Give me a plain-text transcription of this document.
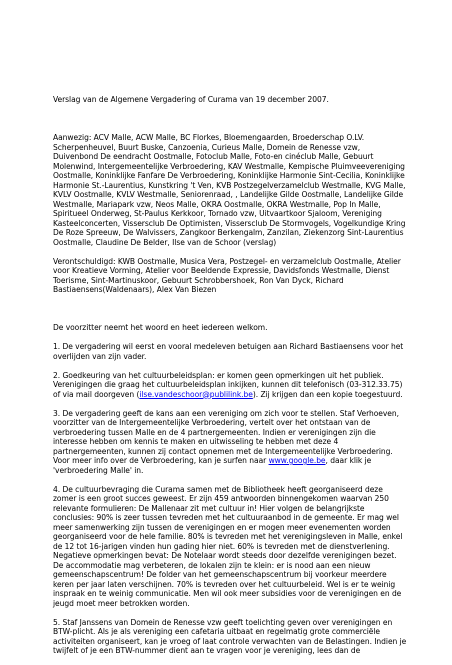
Verslag van de Algemene Vergadering of Curama van 19 december 2007.
Aanwezig: ACV Malle, ACW Malle, BC Florkes, Bloemengaarden, Broederschap O.LV. Scherpenheuvel, Buurt Buske, Canzoenia, Curieus Malle, Domein de Renesse vzw, Duivenbond De eendracht Oostmalle, Fotoclub Malle, Foto-en cinéclub Malle, Gebuurt Molenwind, Intergemeentelijke Verbroedering, KAV Westmalle, Kempische Pluimveevereniging Oostmalle, Koninklijke Fanfare De Verbroedering, Koninklijke Harmonie Sint-Cecilia, Koninklijke Harmonie St.-Laurentius, Kunstkring 't Ven, KVB Postzegelverzamelclub Westmalle, KVG Malle, KVLV Oostmalle, KVLV Westmalle, Seniorenraad, , Landelijke Gilde Oostmalle, Landelijke Gilde Westmalle, Mariapark vzw, Neos Malle, OKRA Oostmalle, OKRA Westmalle, Pop In Malle, Spiritueel Onderweg, St-Paulus Kerkkoor, Tornado vzw, Uitvaartkoor Sjaloom, Vereniging Kasteelconcerten, Vissersclub De Optimisten, Vissersclub De Stormvogels, Vogelkundige Kring De Roze Spreeuw, De Walvissers, Zangkoor Berkengalm, Zanzilan, Ziekenzorg Sint-Laurentius Oostmalle, Claudine De Belder, Ilse van de Schoor (verslag)
Verontschuldigd: KWB Oostmalle, Musica Vera, Postzegel- en verzamelclub Oostmalle, Atelier voor Kreatieve Vorming, Atelier voor Beeldende Expressie, Davidsfonds Westmalle, Dienst Toerisme, Sint-Martinuskoor, Gebuurt Schrobbershoek, Ron Van Dyck, Richard Bastiaensens(Waldenaars), Alex Van Biezen
De voorzitter neemt het woord en heet iedereen welkom.
1. De vergadering wil eerst en vooral medeleven betuigen aan Richard Bastiaensens voor het overlijden van zijn vader.
2. Goedkeuring van het cultuurbeleidsplan: er komen geen opmerkingen uit het publiek. Verenigingen die graag het cultuurbeleidsplan inkijken, kunnen dit telefonisch (03-312.33.75) of via mail doorgeven (ilse.vandeschoor@publilink.be). Zij krijgen dan een kopie toegestuurd.
3. De vergadering geeft de kans aan een vereniging om zich voor te stellen. Staf Verhoeven, voorzitter van de Intergemeentelijke Verbroedering, vertelt over het ontstaan van de verbroedering tussen Malle en de 4 partnergemeenten. Indien er verenigingen zijn die interesse hebben om kennis te maken en uitwisseling te hebben met deze 4 partnergemeenten, kunnen zij contact opnemen met de Intergemeentelijke Verbroedering. Voor meer info over de Verbroedering, kan je surfen naar www.google.be, daar klik je 'verbroedering Malle' in.
4. De cultuurbevraging die Curama samen met de Bibliotheek heeft georganiseerd deze zomer is een groot succes geweest. Er zijn 459 antwoorden binnengekomen waarvan 250 relevante formulieren: De Mallenaar zit met cultuur in! Hier volgen de belangrijkste conclusies: 90% is zeer tussen tevreden met het cultuuraanbod in de gemeente. Er mag wel meer samenwerking zijn tussen de verenigingen en er mogen meer evenementen worden georganiseerd voor de hele familie. 80% is tevreden met het verenigingsleven in Malle, enkel de 12 tot 16-jarigen vinden hun gading hier niet. 60% is tevreden met de dienstverlening. Negatieve opmerkingen bevat: De Notelaar wordt steeds door dezelfde verenigingen bezet. De accommodatie mag verbeteren, de lokalen zijn te klein: er is nood aan een nieuw gemeenschapscentrum! De folder van het gemeenschapscentrum bij voorkeur meerdere keren per jaar laten verschijnen. 70% is tevreden over het cultuurbeleid. Wel is er te weinig inspraak en te weinig communicatie. Men wil ook meer subsidies voor de verenigingen en de jeugd moet meer betrokken worden.
5. Staf Janssens van Domein de Renesse vzw geeft toelichting geven over verenigingen en BTW-plicht. Als je als vereniging een cafetaria uitbaat en regelmatig grote commerciële activiteiten organiseert, kan je vroeg of laat controle verwachten van de Belastingen. Indien je twijfelt of je een BTW-nummer dient aan te vragen voor je vereniging, lees dan de
